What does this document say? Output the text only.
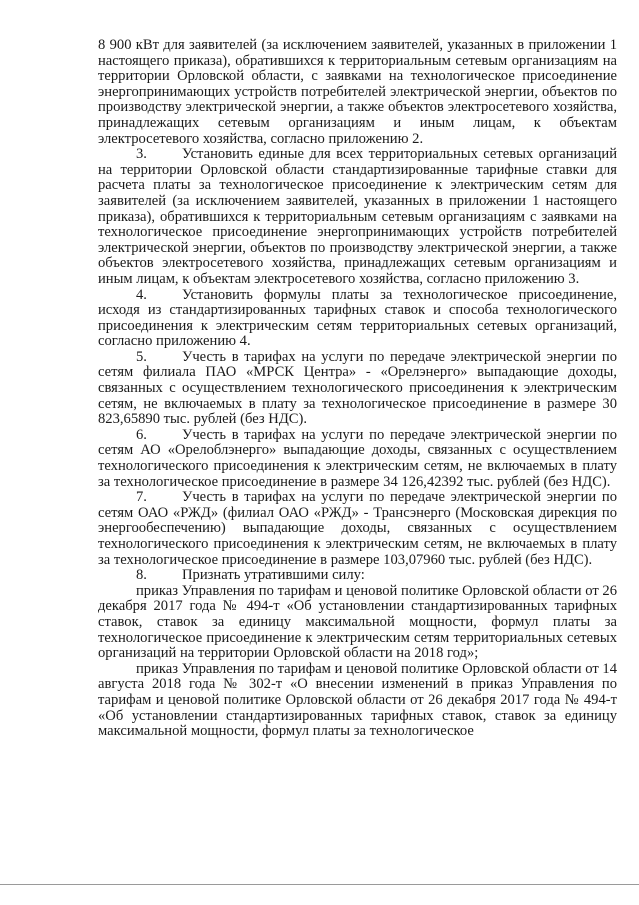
8 900 кВт для заявителей (за исключением заявителей, указанных в приложении 1 настоящего приказа), обратившихся к территориальным сетевым организациям на территории Орловской области, с заявками на технологическое присоединение энергопринимающих устройств потребителей электрической энергии, объектов по производству электрической энергии, а также объектов электросетевого хозяйства, принадлежащих сетевым организациям и иным лицам, к объектам электросетевого хозяйства, согласно приложению 2.

3. Установить единые для всех территориальных сетевых организаций на территории Орловской области стандартизированные тарифные ставки для расчета платы за технологическое присоединение к электрическим сетям для заявителей (за исключением заявителей, указанных в приложении 1 настоящего приказа), обратившихся к территориальным сетевым организациям с заявками на технологическое присоединение энергопринимающих устройств потребителей электрической энергии, объектов по производству электрической энергии, а также объектов электросетевого хозяйства, принадлежащих сетевым организациям и иным лицам, к объектам электросетевого хозяйства, согласно приложению 3.

4. Установить формулы платы за технологическое присоединение, исходя из стандартизированных тарифных ставок и способа технологического присоединения к электрическим сетям территориальных сетевых организаций, согласно приложению 4.

5. Учесть в тарифах на услуги по передаче электрической энергии по сетям филиала ПАО «МРСК Центра» - «Орелэнерго» выпадающие доходы, связанных с осуществлением технологического присоединения к электрическим сетям, не включаемых в плату за технологическое присоединение в размере 30 823,65890 тыс. рублей (без НДС).

6. Учесть в тарифах на услуги по передаче электрической энергии по сетям АО «Орелоблэнерго» выпадающие доходы, связанных с осуществлением технологического присоединения к электрическим сетям, не включаемых в плату за технологическое присоединение в размере 34 126,42392 тыс. рублей (без НДС).

7. Учесть в тарифах на услуги по передаче электрической энергии по сетям ОАО «РЖД» (филиал ОАО «РЖД» - Трансэнерго (Московская дирекция по энергообеспечению) выпадающие доходы, связанных с осуществлением технологического присоединения к электрическим сетям, не включаемых в плату за технологическое присоединение в размере 103,07960 тыс. рублей (без НДС).

8. Признать утратившими силу:

приказ Управления по тарифам и ценовой политике Орловской области от 26 декабря 2017 года № 494-т «Об установлении стандартизированных тарифных ставок, ставок за единицу максимальной мощности, формул платы за технологическое присоединение к электрическим сетям территориальных сетевых организаций на территории Орловской области на 2018 год»;

приказ Управления по тарифам и ценовой политике Орловской области от 14 августа 2018 года № 302-т «О внесении изменений в приказ Управления по тарифам и ценовой политике Орловской области от 26 декабря 2017 года № 494-т «Об установлении стандартизированных тарифных ставок, ставок за единицу максимальной мощности, формул платы за технологическое
